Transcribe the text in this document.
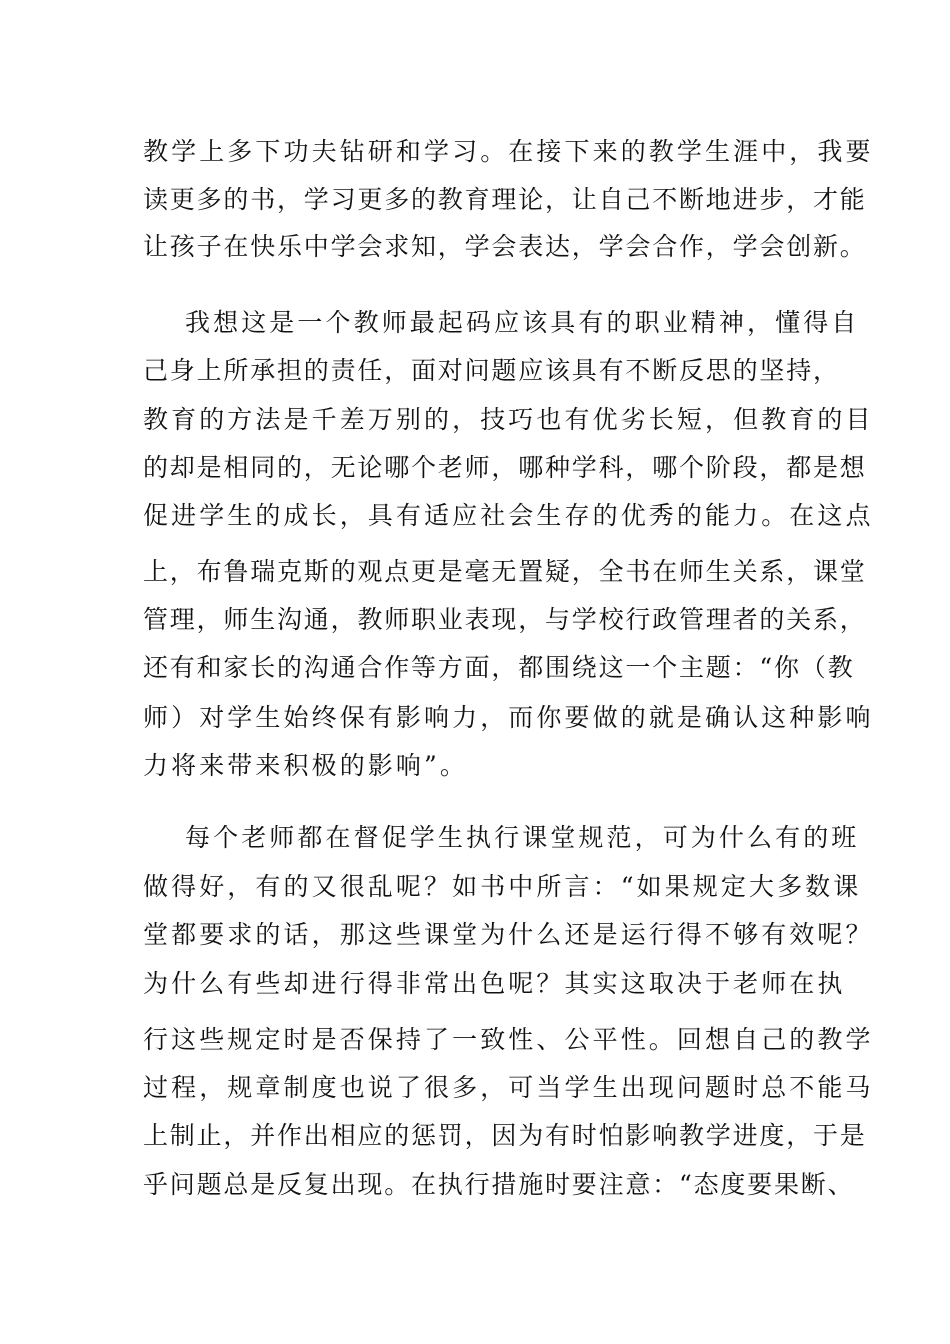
教学上多下功夫钻研和学习。在接下来的教学生涯中，我要
读更多的书，学习更多的教育理论，让自己不断地进步，才能
让孩子在快乐中学会求知，学会表达，学会合作，学会创新。
我想这是一个教师最起码应该具有的职业精神，懂得自
己身上所承担的责任，面对问题应该具有不断反思的坚持，
教育的方法是千差万别的，技巧也有优劣长短，但教育的目
的却是相同的，无论哪个老师，哪种学科，哪个阶段，都是想
促进学生的成长，具有适应社会生存的优秀的能力。在这点
上，布鲁瑞克斯的观点更是毫无置疑，全书在师生关系，课堂
管理，师生沟通，教师职业表现，与学校行政管理者的关系，
还有和家长的沟通合作等方面，都围绕这一个主题：“你（教
师）对学生始终保有影响力，而你要做的就是确认这种影响
力将来带来积极的影响”。
每个老师都在督促学生执行课堂规范，可为什么有的班
做得好，有的又很乱呢？如书中所言：“如果规定大多数课
堂都要求的话，那这些课堂为什么还是运行得不够有效呢？
为什么有些却进行得非常出色呢？其实这取决于老师在执
行这些规定时是否保持了一致性、公平性。回想自己的教学
过程，规章制度也说了很多，可当学生出现问题时总不能马
上制止，并作出相应的惩罚，因为有时怕影响教学进度，于是
乎问题总是反复出现。在执行措施时要注意：“态度要果断、
